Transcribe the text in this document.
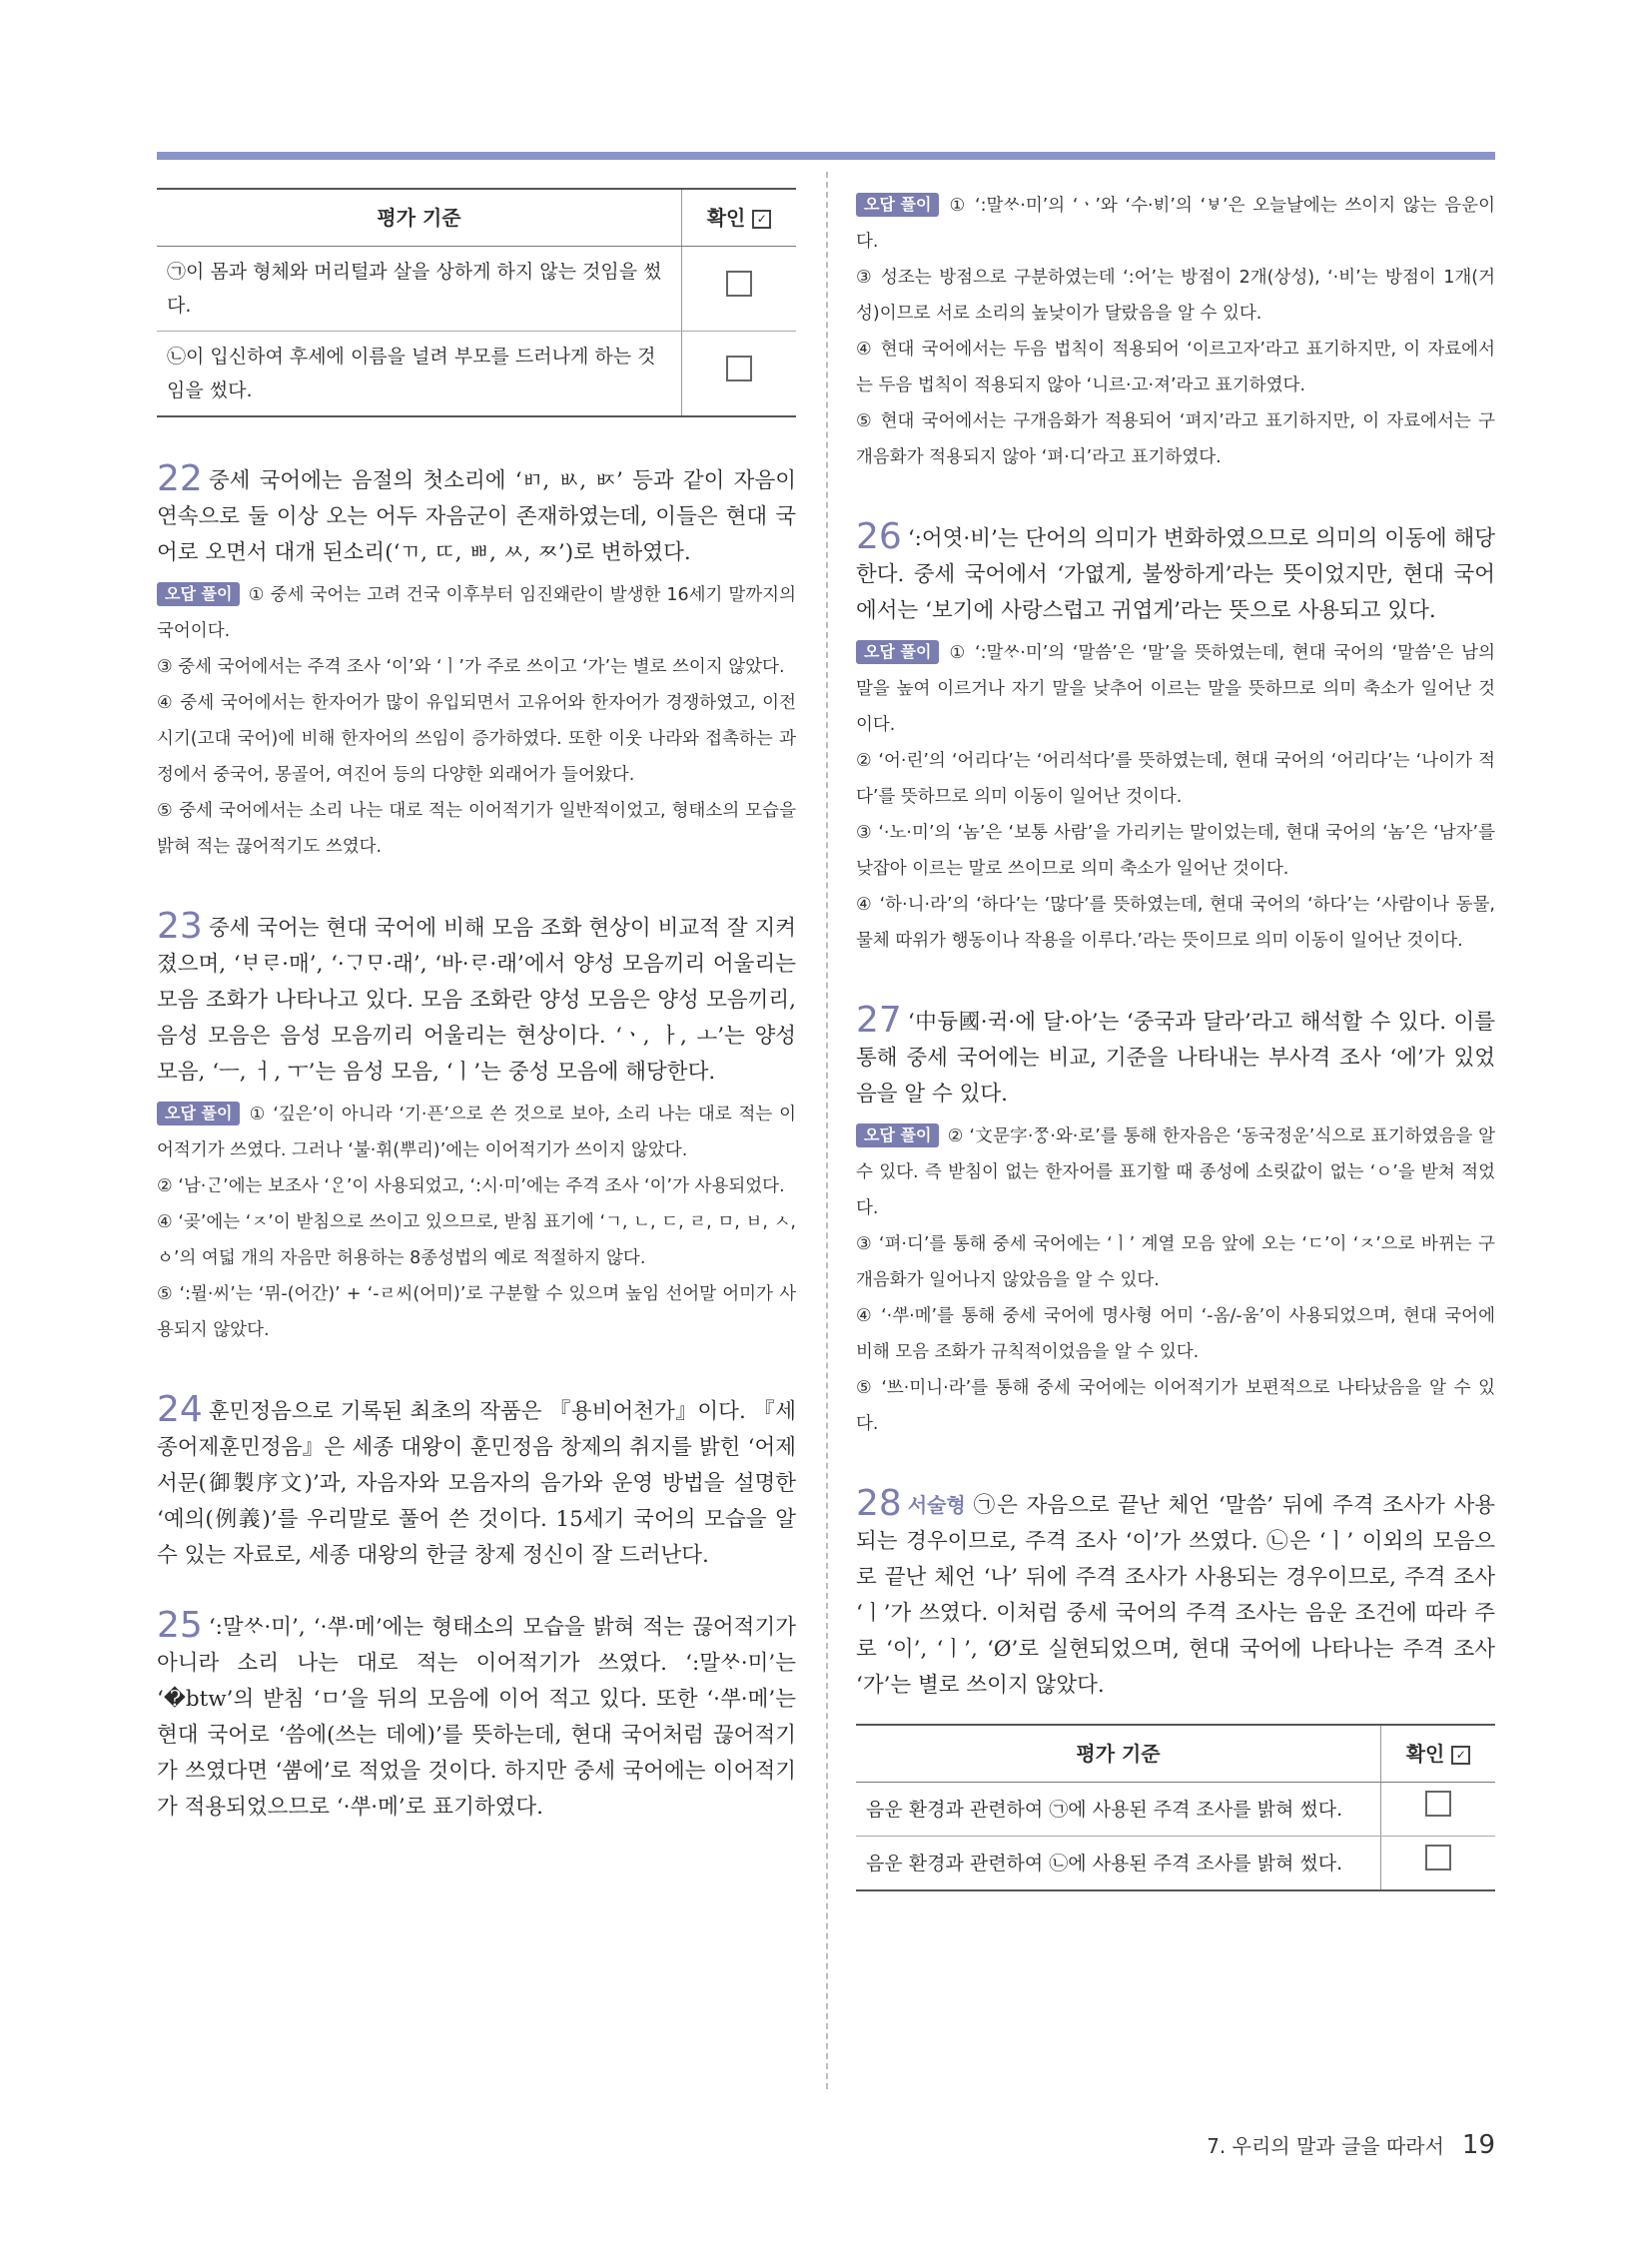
평가 기준	확인 ✓
㉠이 몸과 형체와 머리털과 살을 상하게 하지 않는 것임을 썼다.	
㉡이 입신하여 후세에 이름을 널려 부모를 드러나게 하는 것임을 썼다.	

22 중세 국어에는 음절의 첫소리에 ‘ㅲ, ㅄ, ㅶ’ 등과 같이 자음이 연속으로 둘 이상 오는 어두 자음군이 존재하였는데, 이들은 현대 국어로 오면서 대개 된소리(‘ㄲ, ㄸ, ㅃ, ㅆ, ㅉ’)로 변하였다.

오답 풀이 ① 중세 국어는 고려 건국 이후부터 임진왜란이 발생한 16세기 말까지의 국어이다.

③ 중세 국어에서는 주격 조사 ‘이’와 ‘ㅣ’가 주로 쓰이고 ‘가’는 별로 쓰이지 않았다.

④ 중세 국어에서는 한자어가 많이 유입되면서 고유어와 한자어가 경쟁하였고, 이전 시기(고대 국어)에 비해 한자어의 쓰임이 증가하였다. 또한 이웃 나라와 접촉하는 과정에서 중국어, 몽골어, 여진어 등의 다양한 외래어가 들어왔다.

⑤ 중세 국어에서는 소리 나는 대로 적는 이어적기가 일반적이었고, 형태소의 모습을 밝혀 적는 끊어적기도 쓰였다.

23 중세 국어는 현대 국어에 비해 모음 조화 현상이 비교적 잘 지켜졌으며, ‘ᄇᆞᄅᆞ·매’, ‘·ᄀᆞᄆᆞ·래’, ‘바·ᄅᆞ·래’에서 양성 모음끼리 어울리는 모음 조화가 나타나고 있다. 모음 조화란 양성 모음은 양성 모음끼리, 음성 모음은 음성 모음끼리 어울리는 현상이다. ‘ㆍ, ㅏ, ㅗ’는 양성 모음, ‘ㅡ, ㅓ, ㅜ’는 음성 모음, ‘ㅣ’는 중성 모음에 해당한다.

오답 풀이 ① ‘깊은’이 아니라 ‘기·픈’으로 쓴 것으로 보아, 소리 나는 대로 적는 이어적기가 쓰였다. 그러나 ‘불·휘(뿌리)’에는 이어적기가 쓰이지 않았다.

② ‘남·ᄀᆞᆫ’에는 보조사 ‘ᄋᆞᆫ’이 사용되었고, ‘:시·미’에는 주격 조사 ‘이’가 사용되었다.

④ ‘곶’에는 ‘ㅈ’이 받침으로 쓰이고 있으므로, 받침 표기에 ‘ㄱ, ㄴ, ㄷ, ㄹ, ㅁ, ㅂ, ㅅ, ㆁ’의 여덟 개의 자음만 허용하는 8종성법의 예로 적절하지 않다.

⑤ ‘:뮐·씨’는 ‘뮈-(어간)’ + ‘-ㄹ씨(어미)’로 구분할 수 있으며 높임 선어말 어미가 사용되지 않았다.

24 훈민정음으로 기록된 최초의 작품은 『용비어천가』이다. 『세종어제훈민정음』은 세종 대왕이 훈민정음 창제의 취지를 밝힌 ‘어제 서문(御製序文)’과, 자음자와 모음자의 음가와 운영 방법을 설명한 ‘예의(例義)’를 우리말로 풀어 쓴 것이다. 15세기 국어의 모습을 알 수 있는 자료로, 세종 대왕의 한글 창제 정신이 잘 드러난다.

25 ‘:말ᄊᆞ·미’, ‘·ᄲᅮ·메’에는 형태소의 모습을 밝혀 적는 끊어적기가 아니라 소리 나는 대로 적는 이어적기가 쓰였다. ‘:말ᄊᆞ·미’는 ‘�btw’의 받침 ‘ㅁ’을 뒤의 모음에 이어 적고 있다. 또한 ‘·ᄲᅮ·메’는 현대 국어로 ‘씀에(쓰는 데에)’를 뜻하는데, 현대 국어처럼 끊어적기가 쓰였다면 ‘ᄲᅮᆷ에’로 적었을 것이다. 하지만 중세 국어에는 이어적기가 적용되었으므로 ‘·ᄲᅮ·메’로 표기하였다.

오답 풀이 ① ‘:말ᄊᆞ·미’의 ‘ㆍ’와 ‘수·ᄫᅵ’의 ‘ㅸ’은 오늘날에는 쓰이지 않는 음운이다.

③ 성조는 방점으로 구분하였는데 ‘:어’는 방점이 2개(상성), ‘·비’는 방점이 1개(거성)이므로 서로 소리의 높낮이가 달랐음을 알 수 있다.

④ 현대 국어에서는 두음 법칙이 적용되어 ‘이르고자’라고 표기하지만, 이 자료에서는 두음 법칙이 적용되지 않아 ‘니르·고·져’라고 표기하였다.

⑤ 현대 국어에서는 구개음화가 적용되어 ‘펴지’라고 표기하지만, 이 자료에서는 구개음화가 적용되지 않아 ‘펴·디’라고 표기하였다.

26 ‘:어엿·비’는 단어의 의미가 변화하였으므로 의미의 이동에 해당한다. 중세 국어에서 ‘가엾게, 불쌍하게’라는 뜻이었지만, 현대 국어에서는 ‘보기에 사랑스럽고 귀엽게’라는 뜻으로 사용되고 있다.

오답 풀이 ① ‘:말ᄊᆞ·미’의 ‘말씀’은 ‘말’을 뜻하였는데, 현대 국어의 ‘말씀’은 남의 말을 높여 이르거나 자기 말을 낮추어 이르는 말을 뜻하므로 의미 축소가 일어난 것이다.

② ‘어·린’의 ‘어리다’는 ‘어리석다’를 뜻하였는데, 현대 국어의 ‘어리다’는 ‘나이가 적다’를 뜻하므로 의미 이동이 일어난 것이다.

③ ‘·노·미’의 ‘놈’은 ‘보통 사람’을 가리키는 말이었는데, 현대 국어의 ‘놈’은 ‘남자’를 낮잡아 이르는 말로 쓰이므로 의미 축소가 일어난 것이다.

④ ‘하·니·라’의 ‘하다’는 ‘많다’를 뜻하였는데, 현대 국어의 ‘하다’는 ‘사람이나 동물, 물체 따위가 행동이나 작용을 이루다.’라는 뜻이므로 의미 이동이 일어난 것이다.

27 ‘中듕國·귁·에 달·아’는 ‘중국과 달라’라고 해석할 수 있다. 이를 통해 중세 국어에는 비교, 기준을 나타내는 부사격 조사 ‘에’가 있었음을 알 수 있다.

오답 풀이 ② ‘文문字·ᄍᆞᆼ·와·로’를 통해 한자음은 ‘동국정운’식으로 표기하였음을 알 수 있다. 즉 받침이 없는 한자어를 표기할 때 종성에 소릿값이 없는 ‘ㅇ’을 받쳐 적었다.

③ ‘펴·디’를 통해 중세 국어에는 ‘ㅣ’ 계열 모음 앞에 오는 ‘ㄷ’이 ‘ㅈ’으로 바뀌는 구개음화가 일어나지 않았음을 알 수 있다.

④ ‘·ᄲᅮ·메’를 통해 중세 국어에 명사형 어미 ‘-옴/-움’이 사용되었으며, 현대 국어에 비해 모음 조화가 규칙적이었음을 알 수 있다.

⑤ ‘ᄡᅳ·미니·라’를 통해 중세 국어에는 이어적기가 보편적으로 나타났음을 알 수 있다.

28 서술형 ㉠은 자음으로 끝난 체언 ‘말씀’ 뒤에 주격 조사가 사용되는 경우이므로, 주격 조사 ‘이’가 쓰였다. ㉡은 ‘ㅣ’ 이외의 모음으로 끝난 체언 ‘나’ 뒤에 주격 조사가 사용되는 경우이므로, 주격 조사 ‘ㅣ’가 쓰였다. 이처럼 중세 국어의 주격 조사는 음운 조건에 따라 주로 ‘이’, ‘ㅣ’, ‘Ø’로 실현되었으며, 현대 국어에 나타나는 주격 조사 ‘가’는 별로 쓰이지 않았다.

평가 기준	확인 ✓
음운 환경과 관련하여 ㉠에 사용된 주격 조사를 밝혀 썼다.	
음운 환경과 관련하여 ㉡에 사용된 주격 조사를 밝혀 썼다.	
7. 우리의 말과 글을 따라서 19
